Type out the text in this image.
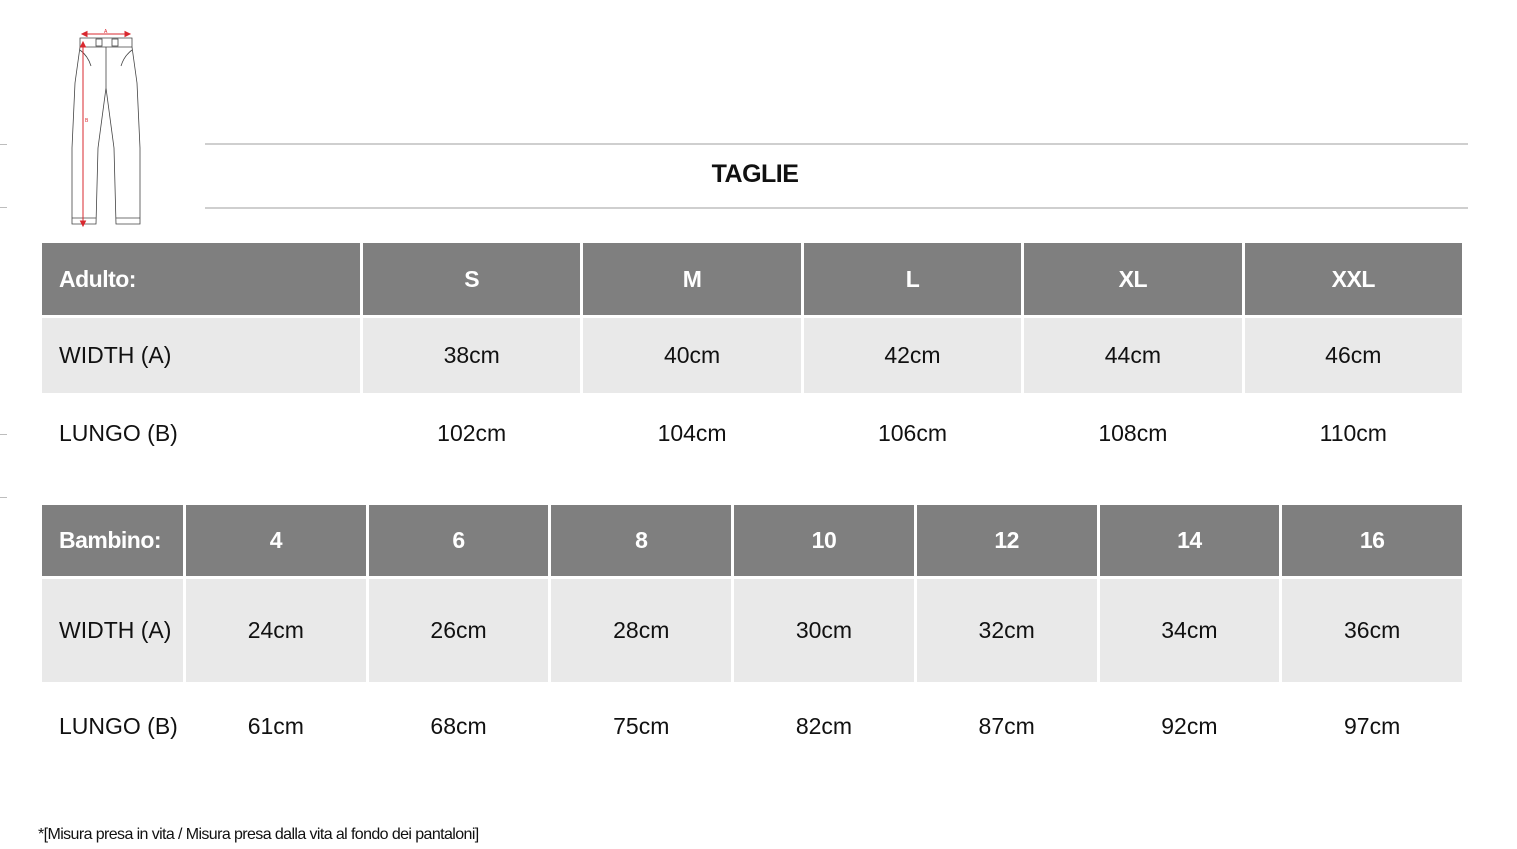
A
B
TAGLIE
Adulto:	S	M	L	XL	XXL
WIDTH (A)	38cm	40cm	42cm	44cm	46cm
LUNGO (B)	102cm	104cm	106cm	108cm	110cm
Bambino:	4	6	8	10	12	14	16
WIDTH (A)	24cm	26cm	28cm	30cm	32cm	34cm	36cm
LUNGO (B)	61cm	68cm	75cm	82cm	87cm	92cm	97cm
*[Misura presa in vita / Misura presa dalla vita al fondo dei pantaloni]
